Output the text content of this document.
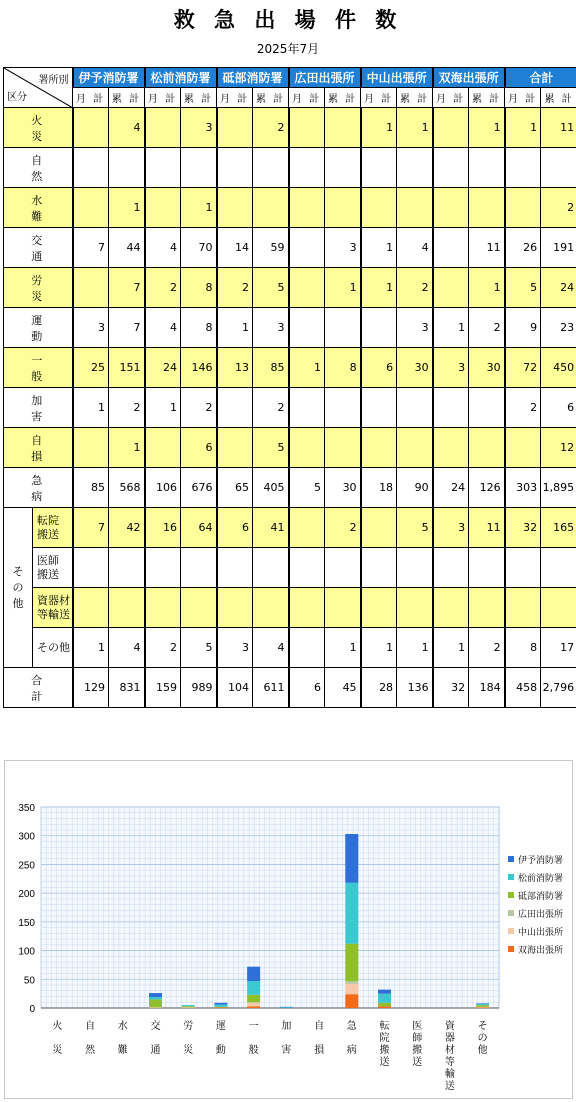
救 急 出 場 件 数
2025年7月
署所別
区分		伊予消防署		松前消防署		砥部消防署		広田出張所		中山出張所		双海出張所		合計	
		月 計	累 計	月 計	累 計	月 計	累 計	月 計	累 計	月 計	累 計	月 計	累 計	月 計	累 計
火 災			4		3		2			1	1		1	1	11
自 然															
水 難			1		1										2
交 通		7	44	4	70	14	59		3	1	4		11	26	191
労 災			7	2	8	2	5		1	1	2		1	5	24
運 動		3	7	4	8	1	3				3	1	2	9	23
一 般		25	151	24	146	13	85	1	8	6	30	3	30	72	450
加 害		1	2	1	2		2							2	6
自 損			1		6		5								12
急 病		85	568	106	676	65	405	5	30	18	90	24	126	303	1,895
そ
の
他	転院
搬送	7	42	16	64	6	41		2		5	3	11	32	165
	医師
搬送														
	資器材
等輸送														
	その他	1	4	2	5	3	4		1	1	1	1	2	8	17
合 計		129	831	159	989	104	611	6	45	28	136	32	184	458	2,796
0
50
100
150
200
250
300
350
火
災
自
然
水
難
交
通
労
災
運
動
一
般
加
害
自
損
急
病
転
院
搬
送
医
師
搬
送
資
器
材
等
輸
送
そ
の
他
伊予消防署
松前消防署
砥部消防署
広田出張所
中山出張所
双海出張所
